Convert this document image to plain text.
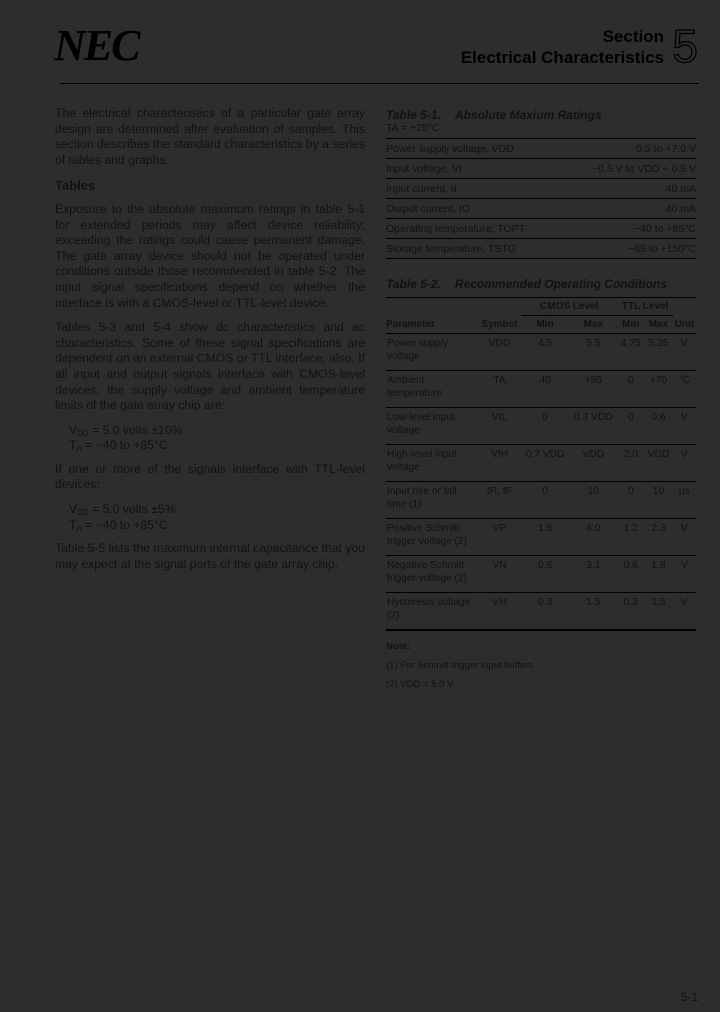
NEC	Section
Electrical Characteristics 5

The electrical characteristics of a particular gate array design are determined after evaluation of samples. This section describes the standard characteristics by a series of tables and graphs.

Tables

Exposure to the absolute maximum ratings in table 5-1 for extended periods may affect device reliability; exceeding the ratings could cause permanent damage. The gate array device should not be operated under conditions outside those recommended in table 5-2. The input signal specifications depend on whether the interface is with a CMOS-level or TTL-level device.

Tables 5-3 and 5-4 show dc characteristics and ac characteristics. Some of these signal specifications are dependent on an external CMOS or TTL interface, also. If all input and output signals interface with CMOS-level devices, the supply voltage and ambient temperature limits of the gate array chip are:

$V_{DD} = 5.0$ volts ±10%
$T_A = -40$ to +85°C

If one or more of the signals interface with TTL-level devices:

$V_{DD} = 5.0$ volts ±5%
$T_A = -40$ to +85°C

Table 5-5 lists the maximum internal capacitance that you may expect at the signal ports of the gate array chip.

Table 5-1. Absolute Maxium Ratings
TA = +25°C
Power supply voltage, VDD	0.5 to +7.0 V
Input voltage, VI	−0.5 V to VDD + 0.5 V
Input current, II	40 mA
Output current, IO	40 mA
Operating temperature, TOPT	−40 to +85°C
Storage temperature, TSTG	−65 to +150°C
Table 5-2. Recommended Operating Conditions
		CMOS Level		TTL Level		
Parameter	Symbol	Min	Max	Min	Max	Unit
Power supply voltage	VDD	4.5	5.5	4.75	5.25	V
Ambient temperature	TA	40	+85	0	+70	°C
Low-level input voltage	VIL	0	0.3 VDD	0	0.6	V
High-level input voltage	VIH	0.7 VDD	VDD	2.0	VDD	V
Input rise or fall time (1)	tR, tF	0	10	0	10	µs
Positive Schmitt trigger voltage (2)	VP	1.8	4.0	1.2	2.3	V
Negative Schmitt trigger voltage (2)	VN	0.6	3.1	0.6	1.8	V
Hysteresis voltage (2)	VH	0.3	1.5	0.3	1.5	V
Note:
(1) For Schmitt trigger input buffers.
(2) VDD = 5.0 V
5-1
